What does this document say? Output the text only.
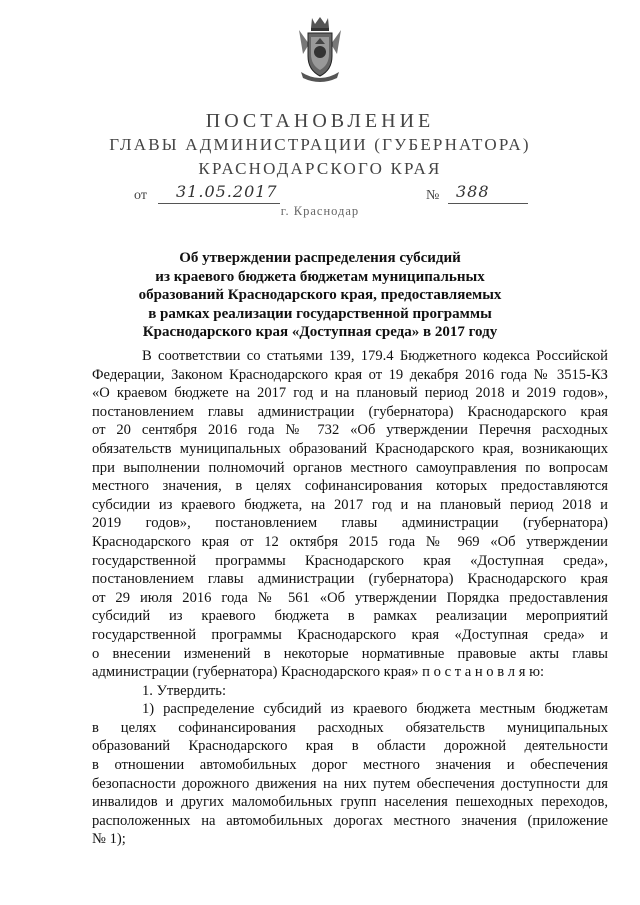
ПОСТАНОВЛЕНИЕ
ГЛАВЫ АДМИНИСТРАЦИИ (ГУБЕРНАТОРА)
КРАСНОДАРСКОГО КРАЯ
от 31.05.2017	№ 388
г. Краснодар
Об утверждении распределения субсидий
из краевого бюджета бюджетам муниципальных
образований Краснодарского края, предоставляемых
в рамках реализации государственной программы
Краснодарского края «Доступная среда» в 2017 году
В соответствии со статьями 139, 179.4 Бюджетного кодекса Российской
Федерации, Законом Краснодарского края от 19 декабря 2016 года № 3515-КЗ
«О краевом бюджете на 2017 год и на плановый период 2018 и 2019 годов»,
постановлением главы администрации (губернатора) Краснодарского края
от 20 сентября 2016 года № 732 «Об утверждении Перечня расходных
обязательств муниципальных образований Краснодарского края, возникающих
при выполнении полномочий органов местного самоуправления по вопросам
местного значения, в целях софинансирования которых предоставляются
субсидии из краевого бюджета, на 2017 год и на плановый период 2018 и
2019 годов», постановлением главы администрации (губернатора)
Краснодарского края от 12 октября 2015 года № 969 «Об утверждении
государственной программы Краснодарского края «Доступная среда»,
постановлением главы администрации (губернатора) Краснодарского края
от 29 июля 2016 года № 561 «Об утверждении Порядка предоставления
субсидий из краевого бюджета в рамках реализации мероприятий
государственной программы Краснодарского края «Доступная среда» и
о внесении изменений в некоторые нормативные правовые акты главы
администрации (губернатора) Краснодарского края» п о с т а н о в л я ю:
1. Утвердить:
1) распределение субсидий из краевого бюджета местным бюджетам
в целях софинансирования расходных обязательств муниципальных
образований Краснодарского края в области дорожной деятельности
в отношении автомобильных дорог местного значения и обеспечения
безопасности дорожного движения на них путем обеспечения доступности для
инвалидов и других маломобильных групп населения пешеходных переходов,
расположенных на автомобильных дорогах местного значения (приложение
№ 1);
